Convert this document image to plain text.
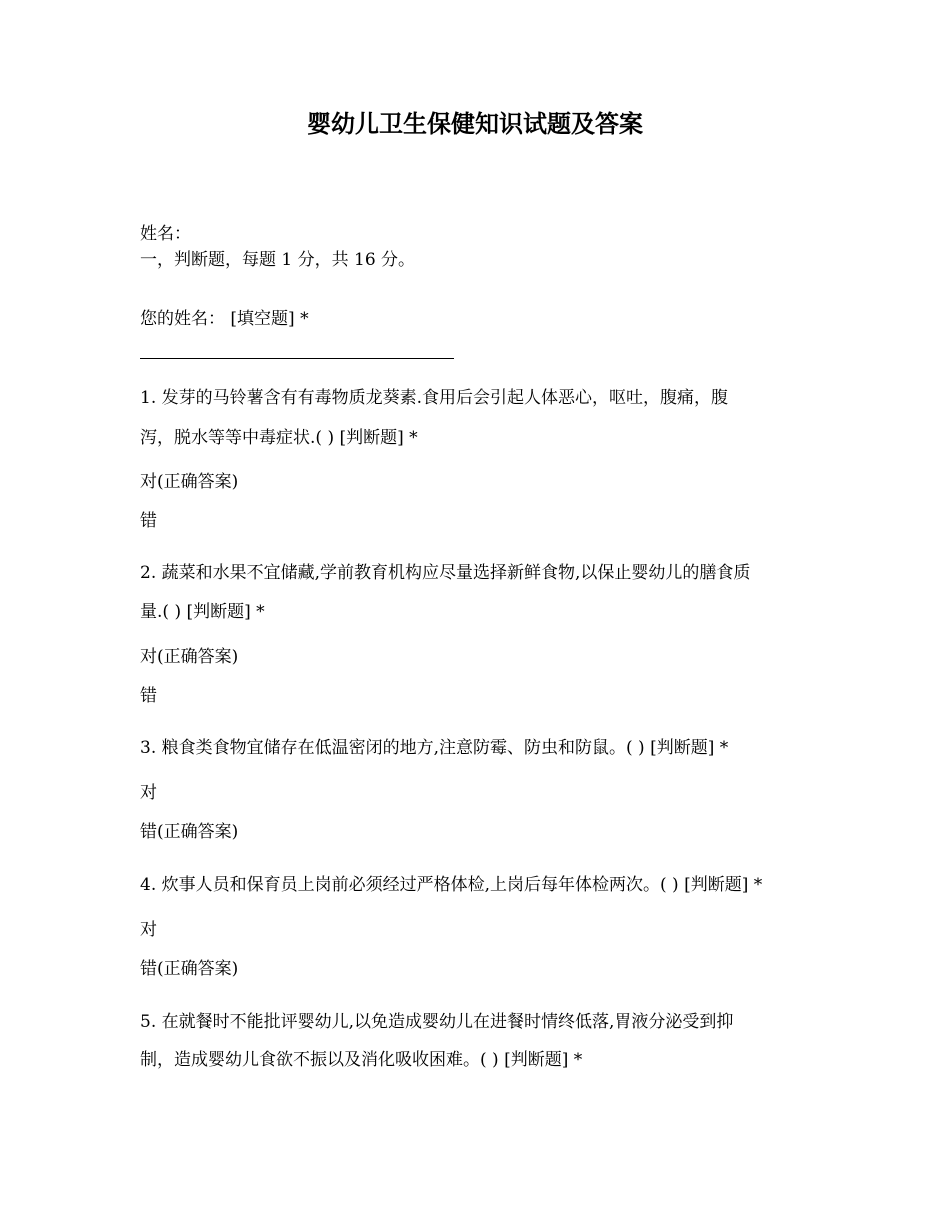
婴幼儿卫生保健知识试题及答案
姓名：
一，判断题，每题 1 分，共 16 分。
您的姓名： [填空题] *
1. 发芽的马铃薯含有有毒物质龙葵素.食用后会引起人体恶心，呕吐，腹痛，腹
泻，脱水等等中毒症状.( ) [判断题] *
对(正确答案)
错
2. 蔬菜和水果不宜储藏,学前教育机构应尽量选择新鲜食物,以保止婴幼儿的膳食质
量.( ) [判断题] *
对(正确答案)
错
3. 粮食类食物宜储存在低温密闭的地方,注意防霉、防虫和防鼠。( ) [判断题] *
对
错(正确答案)
4. 炊事人员和保育员上岗前必须经过严格体检,上岗后每年体检两次。( ) [判断题] *
对
错(正确答案)
5. 在就餐时不能批评婴幼儿,以免造成婴幼儿在进餐时情终低落,胃液分泌受到抑
制，造成婴幼儿食欲不振以及消化吸收困难。( ) [判断题] *
